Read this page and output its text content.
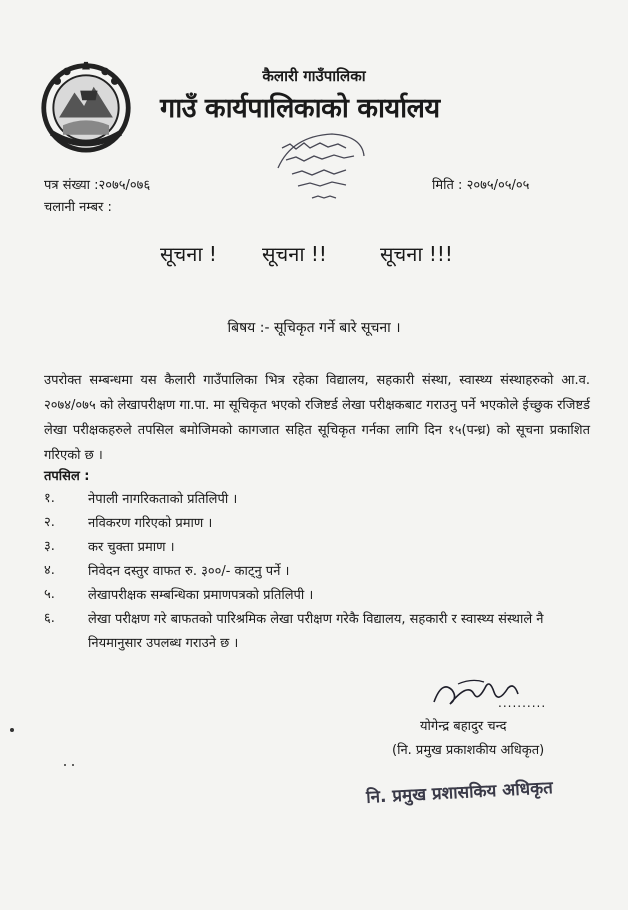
कैलारी गाउँपालिका
गाउँ कार्यपालिकाको कार्यालय
पत्र संख्या :२०७५/०७६
चलानी नम्बर :
मिति : २०७५/०५/०५
सूचना ! सूचना !!	सूचना !!!
बिषय :- सूचिकृत गर्ने बारे सूचना ।
उपरोक्त सम्बन्धमा यस कैलारी गाउँपालिका भित्र रहेका विद्यालय, सहकारी संस्था, स्वास्थ्य संस्थाहरुको आ.व. २०७४/०७५ को लेखापरीक्षण गा.पा. मा सूचिकृत भएको रजिष्टर्ड लेखा परीक्षकबाट गराउनु पर्ने भएकोले ईच्छुक रजिष्टर्ड लेखा परीक्षकहरुले तपसिल बमोजिमको कागजात सहित सूचिकृत गर्नका लागि दिन १५(पन्ध्र) को सूचना प्रकाशित गरिएको छ ।
तपसिल :
१.	नेपाली नागरिकताको प्रतिलिपी ।
२.	नविकरण गरिएको प्रमाण ।
३.	कर चुक्ता प्रमाण ।
४.	निवेदन दस्तुर वाफत रु. ३००/- काट्नु पर्ने ।
५.	लेखापरीक्षक सम्बन्धिका प्रमाणपत्रको प्रतिलिपी ।
६.	लेखा परीक्षण गरे बाफतको पारिश्रमिक लेखा परीक्षण गरेकै विद्यालय, सहकारी र स्वास्थ्य संस्थाले नै नियमानुसार उपलब्ध गराउने छ ।
..........
योगेन्द्र बहादुर चन्द
(नि. प्रमुख प्रकाशकीय अधिकृत)
नि. प्रमुख प्रशासकिय अधिकृत
